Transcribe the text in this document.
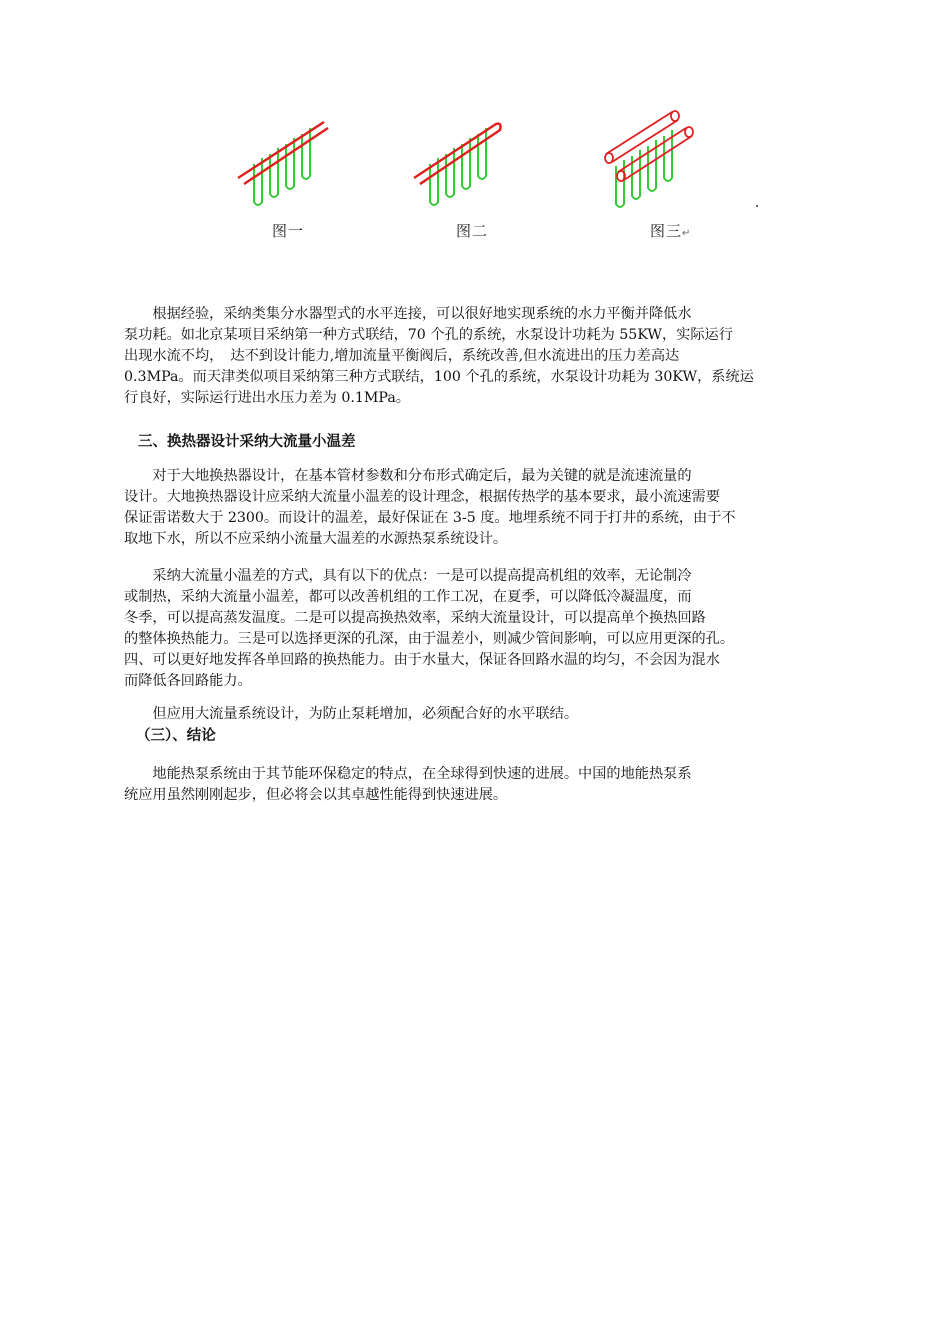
图一	图二	图三↵
　　根据经验，采纳类集分水器型式的水平连接，可以很好地实现系统的水力平衡并降低水
泵功耗。如北京某项目采纳第一种方式联结，70 个孔的系统，水泵设计功耗为 55KW，实际运行
出现水流不均，　达不到设计能力,增加流量平衡阀后，系统改善,但水流进出的压力差高达
0.3MPa。而天津类似项目采纳第三种方式联结，100 个孔的系统，水泵设计功耗为 30KW，系统运
行良好，实际运行进出水压力差为 0.1MPa。
三、换热器设计采纳大流量小温差
　　对于大地换热器设计，在基本管材参数和分布形式确定后，最为关键的就是流速流量的
设计。大地换热器设计应采纳大流量小温差的设计理念，根据传热学的基本要求，最小流速需要
保证雷诺数大于 2300。而设计的温差，最好保证在 3-5 度。地埋系统不同于打井的系统，由于不
取地下水，所以不应采纳小流量大温差的水源热泵系统设计。
　　采纳大流量小温差的方式，具有以下的优点：一是可以提高提高机组的效率，无论制冷
或制热，采纳大流量小温差，都可以改善机组的工作工况，在夏季，可以降低冷凝温度，而
冬季，可以提高蒸发温度。二是可以提高换热效率，采纳大流量设计，可以提高单个换热回路
的整体换热能力。三是可以选择更深的孔深，由于温差小，则减少管间影响，可以应用更深的孔。
四、可以更好地发挥各单回路的换热能力。由于水量大，保证各回路水温的均匀，不会因为混水
而降低各回路能力。
　　但应用大流量系统设计，为防止泵耗增加，必须配合好的水平联结。
（三）、结论
　　地能热泵系统由于其节能环保稳定的特点，在全球得到快速的进展。中国的地能热泵系
统应用虽然刚刚起步，但必将会以其卓越性能得到快速进展。
